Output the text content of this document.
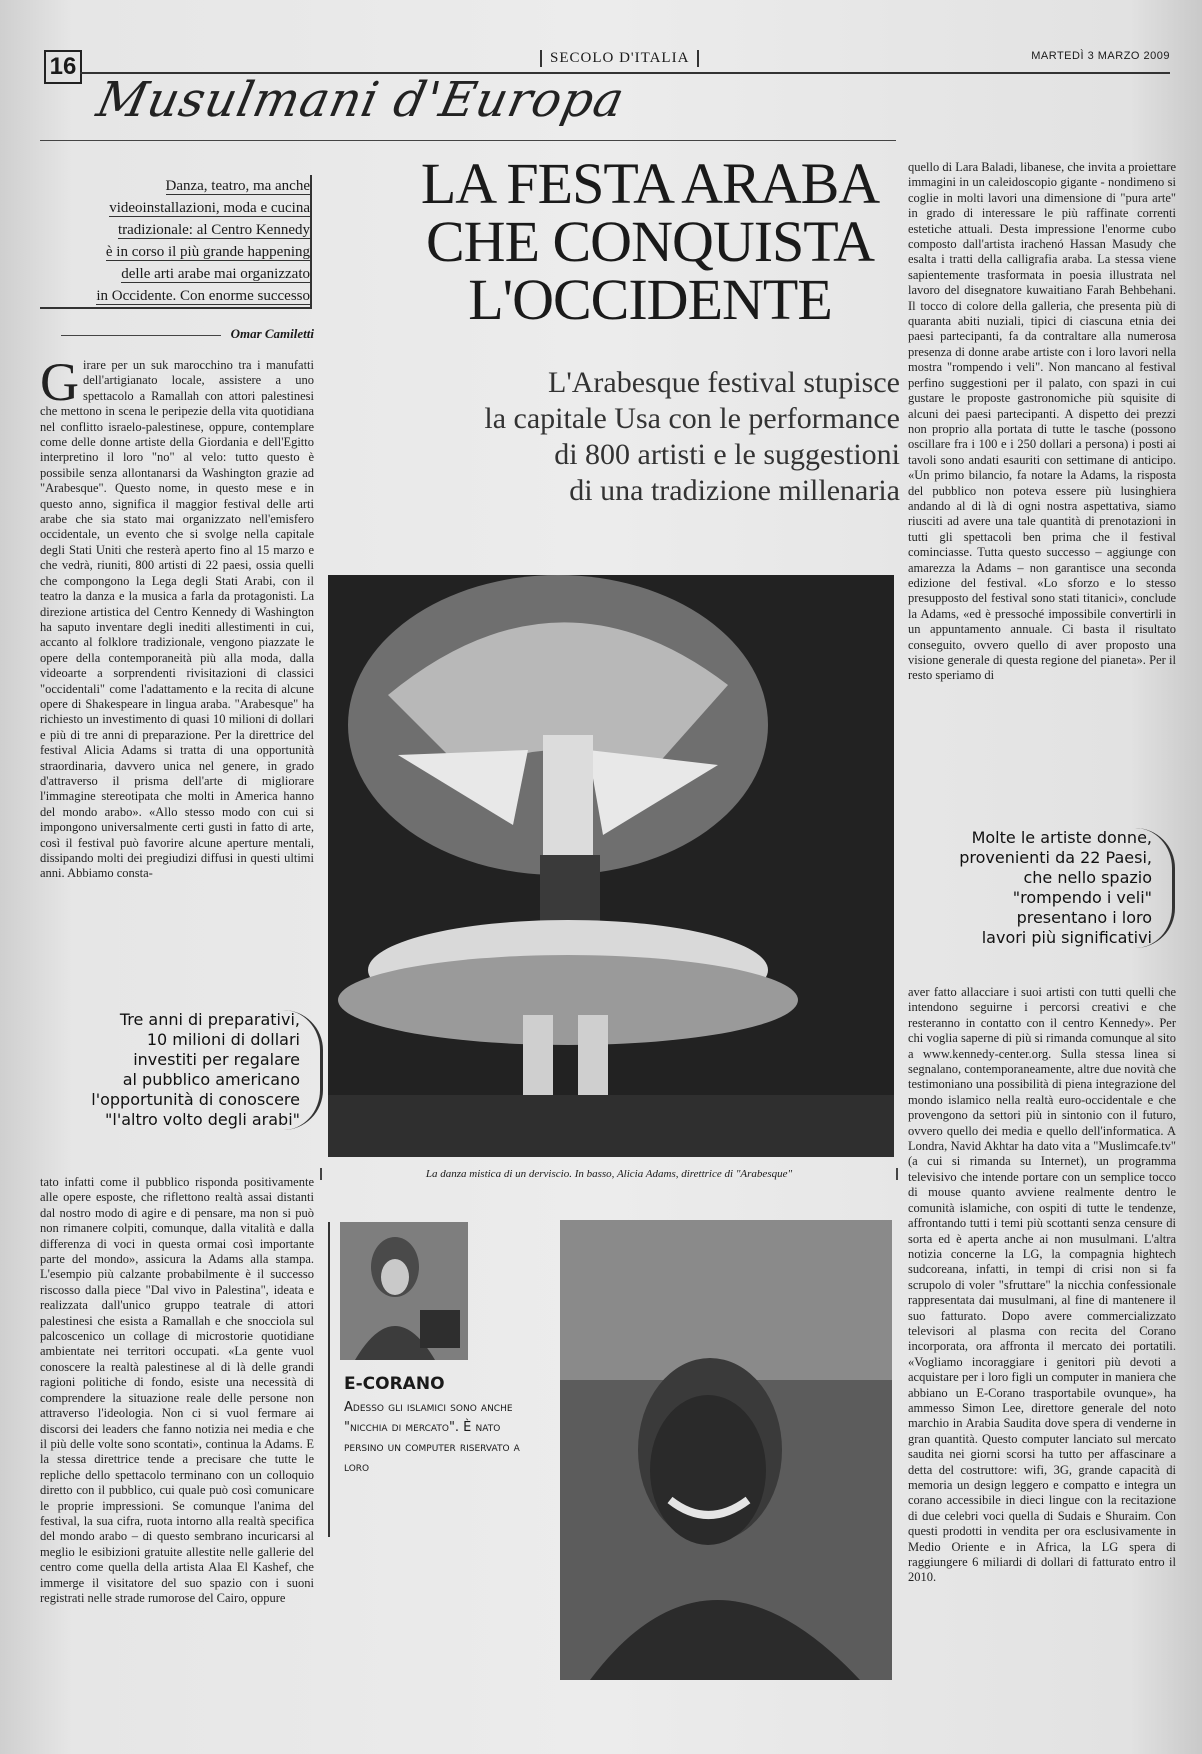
16	SECOLO D'ITALIA	MARTEDÌ 3 MARZO 2009
Musulmani d'Europa
LA FESTA ARABA
CHE CONQUISTA
L'OCCIDENTE
L'Arabesque festival stupisce
la capitale Usa con le performance
di 800 artisti e le suggestioni
di una tradizione millenaria
Danza, teatro, ma anche
videoinstallazioni, moda e cucina
tradizionale: al Centro Kennedy
è in corso il più grande happening
delle arti arabe mai organizzato
in Occidente. Con enorme successo
Omar Camiletti
Girare per un suk marocchino tra i manufatti dell'artigianato locale, assistere a uno spettacolo a Ramallah con attori palestinesi che mettono in scena le peripezie della vita quotidiana nel conflitto israelo-palestinese, oppure, contemplare come delle donne artiste della Giordania e dell'Egitto interpretino il loro "no" al velo: tutto questo è possibile senza allontanarsi da Washington grazie ad "Arabesque". Questo nome, in questo mese e in questo anno, significa il maggior festival delle arti arabe che sia stato mai organizzato nell'emisfero occidentale, un evento che si svolge nella capitale degli Stati Uniti che resterà aperto fino al 15 marzo e che vedrà, riuniti, 800 artisti di 22 paesi, ossia quelli che compongono la Lega degli Stati Arabi, con il teatro la danza e la musica a farla da protagonisti. La direzione artistica del Centro Kennedy di Washington ha saputo inventare degli inediti allestimenti in cui, accanto al folklore tradizionale, vengono piazzate le opere della contemporaneità più alla moda, dalla videoarte a sorprendenti rivisitazioni di classici "occidentali" come l'adattamento e la recita di alcune opere di Shakespeare in lingua araba. "Arabesque" ha richiesto un investimento di quasi 10 milioni di dollari e più di tre anni di preparazione. Per la direttrice del festival Alicia Adams si tratta di una opportunità straordinaria, davvero unica nel genere, in grado d'attraverso il prisma dell'arte di migliorare l'immagine stereotipata che molti in America hanno del mondo arabo». «Allo stesso modo con cui si impongono universalmente certi gusti in fatto di arte, così il festival può favorire alcune aperture mentali, dissipando molti dei pregiudizi diffusi in questi ultimi anni. Abbiamo consta-
Tre anni di preparativi,
10 milioni di dollari
investiti per regalare
al pubblico americano
l'opportunità di conoscere
"l'altro volto degli arabi"
tato infatti come il pubblico risponda positivamente alle opere esposte, che riflettono realtà assai distanti dal nostro modo di agire e di pensare, ma non si può non rimanere colpiti, comunque, dalla vitalità e dalla differenza di voci in questa ormai così importante parte del mondo», assicura la Adams alla stampa. L'esempio più calzante probabilmente è il successo riscosso dalla piece "Dal vivo in Palestina", ideata e realizzata dall'unico gruppo teatrale di attori palestinesi che esista a Ramallah e che snocciola sul palcoscenico un collage di microstorie quotidiane ambientate nei territori occupati. «La gente vuol conoscere la realtà palestinese al di là delle grandi ragioni politiche di fondo, esiste una necessità di comprendere la situazione reale delle persone non attraverso l'ideologia. Non ci si vuol fermare ai discorsi dei leaders che fanno notizia nei media e che il più delle volte sono scontati», continua la Adams. E la stessa direttrice tende a precisare che tutte le repliche dello spettacolo terminano con un colloquio diretto con il pubblico, cui quale può così comunicare le proprie impressioni. Se comunque l'anima del festival, la sua cifra, ruota intorno alla realtà specifica del mondo arabo – di questo sembrano incuricarsi al meglio le esibizioni gratuite allestite nelle gallerie del centro come quella della artista Alaa El Kashef, che immerge il visitatore del suo spazio con i suoni registrati nelle strade rumorose del Cairo, oppure
La danza mistica di un derviscio. In basso, Alicia Adams, direttrice di "Arabesque"
E-CORANO
Adesso gli islamici sono anche "nicchia di mercato". È nato persino un computer riservato a loro
quello di Lara Baladi, libanese, che invita a proiettare immagini in un caleidoscopio gigante - nondimeno si coglie in molti lavori una dimensione di "pura arte" in grado di interessare le più raffinate correnti estetiche attuali. Desta impressione l'enorme cubo composto dall'artista irachenó Hassan Masudy che esalta i tratti della calligrafia araba. La stessa viene sapientemente trasformata in poesia illustrata nel lavoro del disegnatore kuwaitiano Farah Behbehani. Il tocco di colore della galleria, che presenta più di quaranta abiti nuziali, tipici di ciascuna etnia dei paesi partecipanti, fa da contraltare alla numerosa presenza di donne arabe artiste con i loro lavori nella mostra "rompendo i veli". Non mancano al festival perfino suggestioni per il palato, con spazi in cui gustare le proposte gastronomiche più squisite di alcuni dei paesi partecipanti. A dispetto dei prezzi non proprio alla portata di tutte le tasche (possono oscillare fra i 100 e i 250 dollari a persona) i posti ai tavoli sono andati esauriti con settimane di anticipo. «Un primo bilancio, fa notare la Adams, la risposta del pubblico non poteva essere più lusinghiera andando al di là di ogni nostra aspettativa, siamo riusciti ad avere una tale quantità di prenotazioni in tutti gli spettacoli ben prima che il festival cominciasse. Tutta questo successo – aggiunge con amarezza la Adams – non garantisce una seconda edizione del festival. «Lo sforzo e lo stesso presupposto del festival sono stati titanici», conclude la Adams, «ed è pressoché impossibile convertirli in un appuntamento annuale. Ci basta il risultato conseguito, ovvero quello di aver proposto una visione generale di questa regione del pianeta». Per il resto speriamo di
Molte le artiste donne,
provenienti da 22 Paesi,
che nello spazio
"rompendo i veli"
presentano i loro
lavori più significativi
aver fatto allacciare i suoi artisti con tutti quelli che intendono seguirne i percorsi creativi e che resteranno in contatto con il centro Kennedy». Per chi voglia saperne di più si rimanda comunque al sito a www.kennedy-center.org. Sulla stessa linea si segnalano, contemporaneamente, altre due novità che testimoniano una possibilità di piena integrazione del mondo islamico nella realtà euro-occidentale e che provengono da settori più in sintonio con il futuro, ovvero quello dei media e quello dell'informatica. A Londra, Navid Akhtar ha dato vita a "Muslimcafe.tv" (a cui si rimanda su Internet), un programma televisivo che intende portare con un semplice tocco di mouse quanto avviene realmente dentro le comunità islamiche, con ospiti di tutte le tendenze, affrontando tutti i temi più scottanti senza censure di sorta ed è aperta anche ai non musulmani. L'altra notizia concerne la LG, la compagnia hightech sudcoreana, infatti, in tempi di crisi non si fa scrupolo di voler "sfruttare" la nicchia confessionale rappresentata dai musulmani, al fine di mantenere il suo fatturato. Dopo avere commercializzato televisori al plasma con recita del Corano incorporata, ora affronta il mercato dei portatili. «Vogliamo incoraggiare i genitori più devoti a acquistare per i loro figli un computer in maniera che abbiano un E-Corano trasportabile ovunque», ha ammesso Simon Lee, direttore generale del noto marchio in Arabia Saudita dove spera di venderne in gran quantità. Questo computer lanciato sul mercato saudita nei giorni scorsi ha tutto per affascinare a detta del costruttore: wifi, 3G, grande capacità di memoria un design leggero e compatto e integra un corano accessibile in dieci lingue con la recitazione di due celebri voci quella di Sudais e Shuraim. Con questi prodotti in vendita per ora esclusivamente in Medio Oriente e in Africa, la LG spera di raggiungere 6 miliardi di dollari di fatturato entro il 2010.
